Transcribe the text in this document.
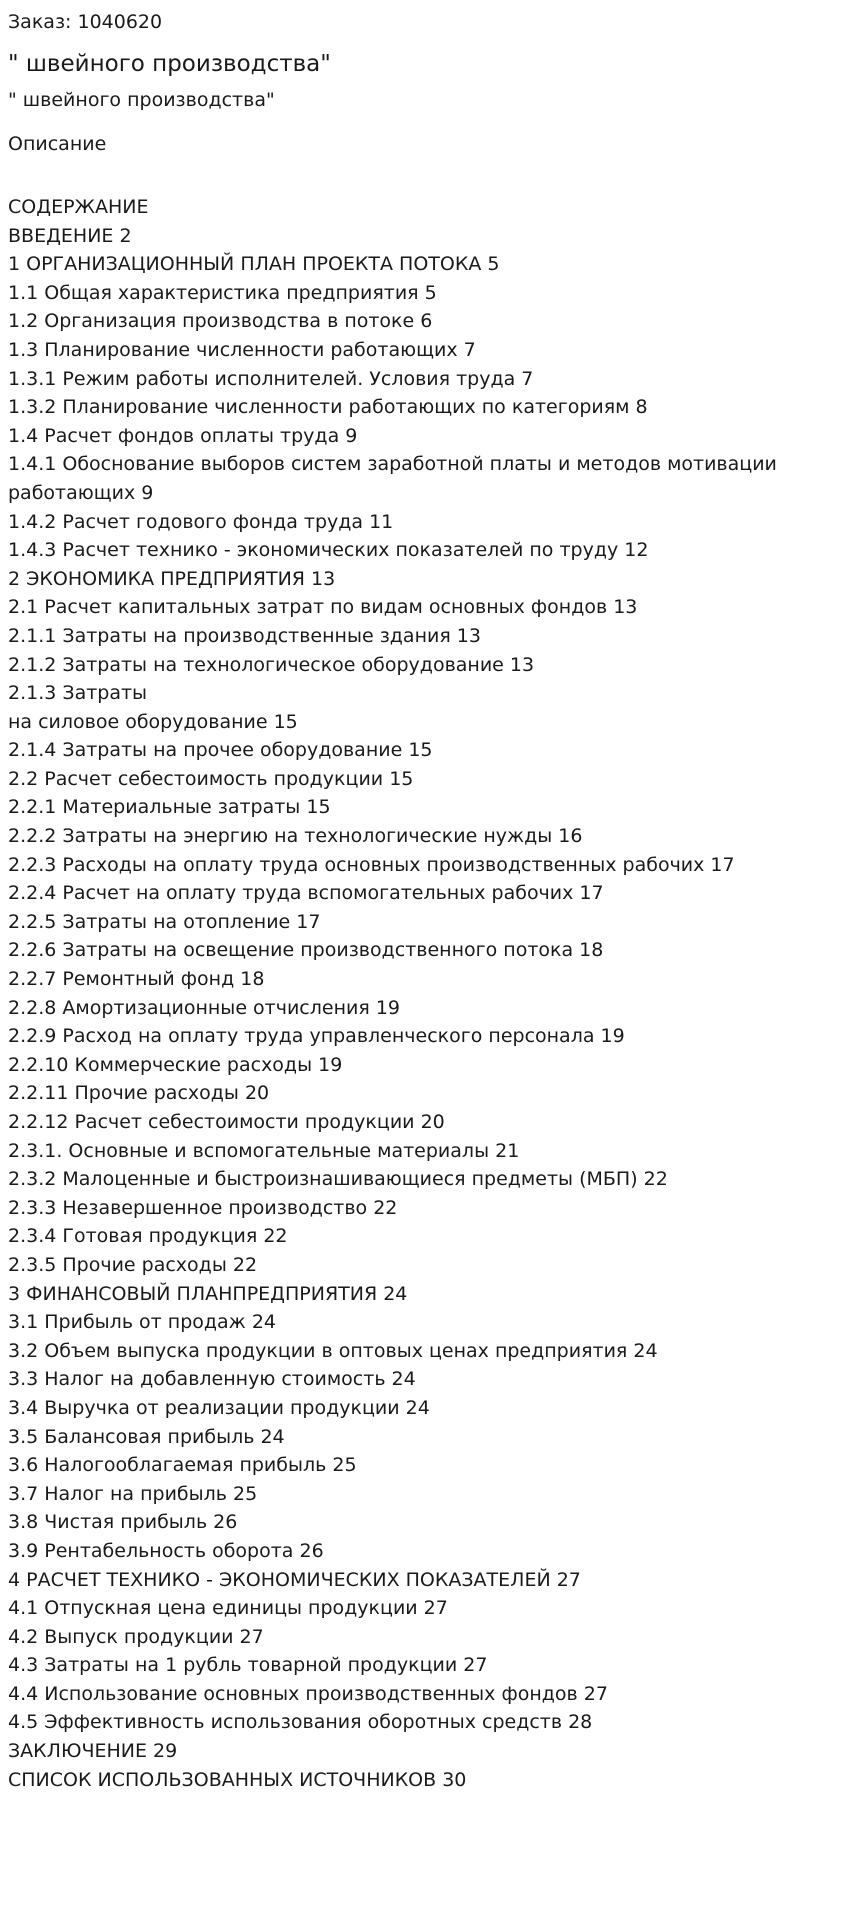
Заказ: 1040620
" швейного производства"
" швейного производства"
Описание
СОДЕРЖАНИЕ
ВВЕДЕНИЕ 2
1 ОРГАНИЗАЦИОННЫЙ ПЛАН ПРОЕКТА ПОТОКА 5
1.1 Общая характеристика предприятия 5
1.2 Организация производства в потоке 6
1.3 Планирование численности работающих 7
1.3.1 Режим работы исполнителей. Условия труда 7
1.3.2 Планирование численности работающих по категориям 8
1.4 Расчет фондов оплаты труда 9
1.4.1 Обоснование выборов систем заработной платы и методов мотивации
работающих 9
1.4.2 Расчет годового фонда труда 11
1.4.3 Расчет технико - экономических показателей по труду 12
2 ЭКОНОМИКА ПРЕДПРИЯТИЯ 13
2.1 Расчет капитальных затрат по видам основных фондов 13
2.1.1 Затраты на производственные здания 13
2.1.2 Затраты на технологическое оборудование 13
2.1.3 Затраты
на силовое оборудование 15
2.1.4 Затраты на прочее оборудование 15
2.2 Расчет себестоимость продукции 15
2.2.1 Материальные затраты 15
2.2.2 Затраты на энергию на технологические нужды 16
2.2.3 Расходы на оплату труда основных производственных рабочих 17
2.2.4 Расчет на оплату труда вспомогательных рабочих 17
2.2.5 Затраты на отопление 17
2.2.6 Затраты на освещение производственного потока 18
2.2.7 Ремонтный фонд 18
2.2.8 Амортизационные отчисления 19
2.2.9 Расход на оплату труда управленческого персонала 19
2.2.10 Коммерческие расходы 19
2.2.11 Прочие расходы 20
2.2.12 Расчет себестоимости продукции 20
2.3.1. Основные и вспомогательные материалы 21
2.3.2 Малоценные и быстроизнашивающиеся предметы (МБП) 22
2.3.3 Незавершенное производство 22
2.3.4 Готовая продукция 22
2.3.5 Прочие расходы 22
3 ФИНАНСОВЫЙ ПЛАНПРЕДПРИЯТИЯ 24
3.1 Прибыль от продаж 24
3.2 Объем выпуска продукции в оптовых ценах предприятия 24
3.3 Налог на добавленную стоимость 24
3.4 Выручка от реализации продукции 24
3.5 Балансовая прибыль 24
3.6 Налогооблагаемая прибыль 25
3.7 Налог на прибыль 25
3.8 Чистая прибыль 26
3.9 Рентабельность оборота 26
4 РАСЧЕТ ТЕХНИКО - ЭКОНОМИЧЕСКИХ ПОКАЗАТЕЛЕЙ 27
4.1 Отпускная цена единицы продукции 27
4.2 Выпуск продукции 27
4.3 Затраты на 1 рубль товарной продукции 27
4.4 Использование основных производственных фондов 27
4.5 Эффективность использования оборотных средств 28
ЗАКЛЮЧЕНИЕ 29
СПИСОК ИСПОЛЬЗОВАННЫХ ИСТОЧНИКОВ 30
